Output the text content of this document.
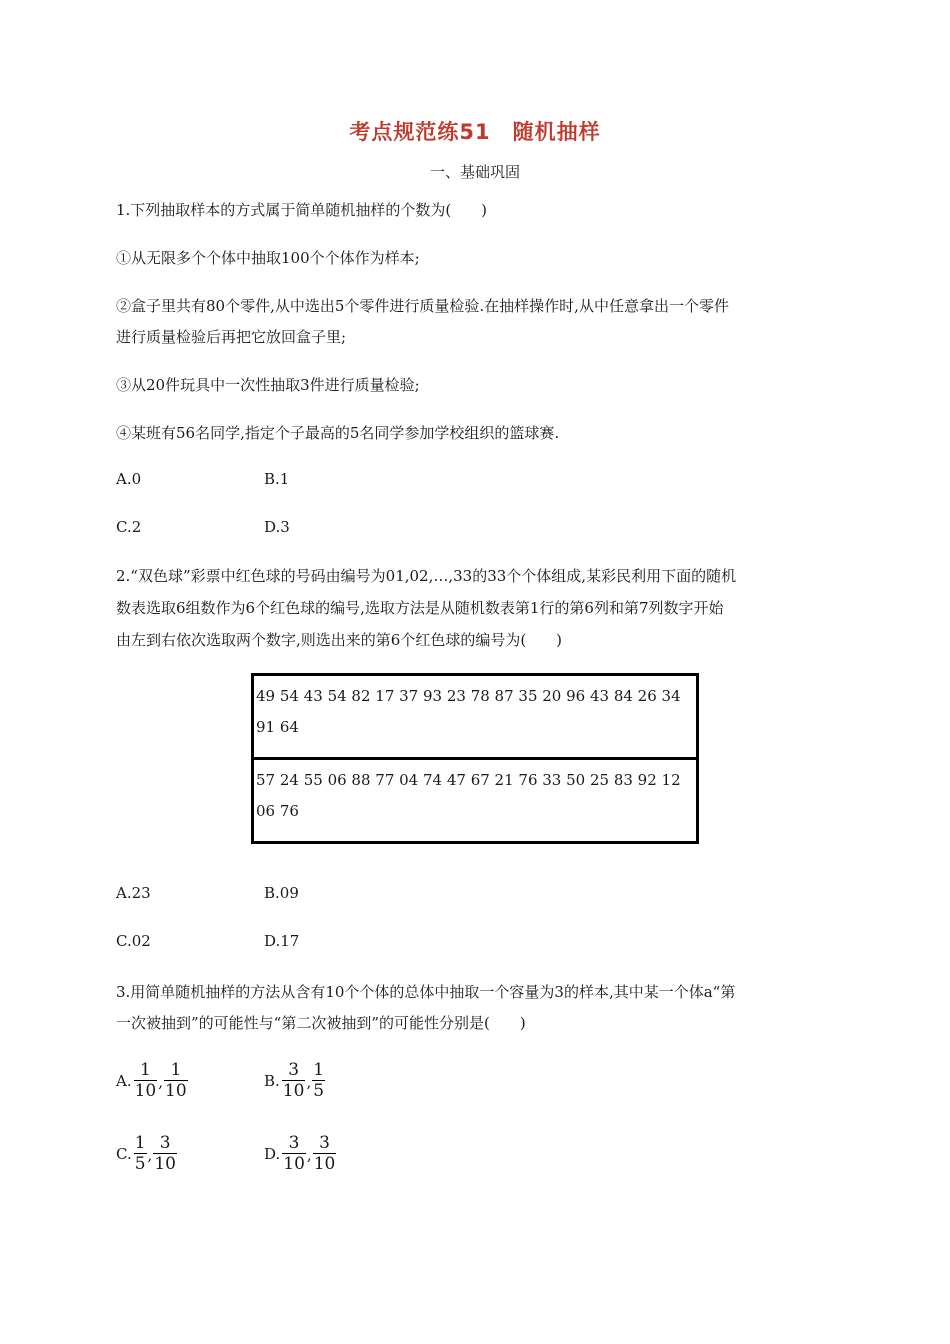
考点规范练51　随机抽样
一、基础巩固
1.下列抽取样本的方式属于简单随机抽样的个数为(　　)
①从无限多个个体中抽取100个个体作为样本;
②盒子里共有80个零件,从中选出5个零件进行质量检验.在抽样操作时,从中任意拿出一个零件
进行质量检验后再把它放回盒子里;
③从20件玩具中一次性抽取3件进行质量检验;
④某班有56名同学,指定个子最高的5名同学参加学校组织的篮球赛.
A.0	B.1
C.2	D.3
2.“双色球”彩票中红色球的号码由编号为01,02,…,33的33个个体组成,某彩民利用下面的随机
数表选取6组数作为6个红色球的编号,选取方法是从随机数表第1行的第6列和第7列数字开始
由左到右依次选取两个数字,则选出来的第6个红色球的编号为(　　)
49 54 43 54 82 17 37 93 23 78 87 35 20 96 43 84 26 34
91 64

57 24 55 06 88 77 04 74 47 67 21 76 33 50 25 83 92 12
06 76
A.23	B.09
C.02	D.17
3.用简单随机抽样的方法从含有10个个体的总体中抽取一个容量为3的样本,其中某一个体a“第
一次被抽到”的可能性与“第二次被抽到”的可能性分别是(　　)
A. $\frac{1}{10}$ , $\frac{1}{10}$	B. $\frac{3}{10}$ , $\frac{1}{5}$
C. $\frac{1}{5}$ , $\frac{3}{10}$	D. $\frac{3}{10}$ , $\frac{3}{10}$
